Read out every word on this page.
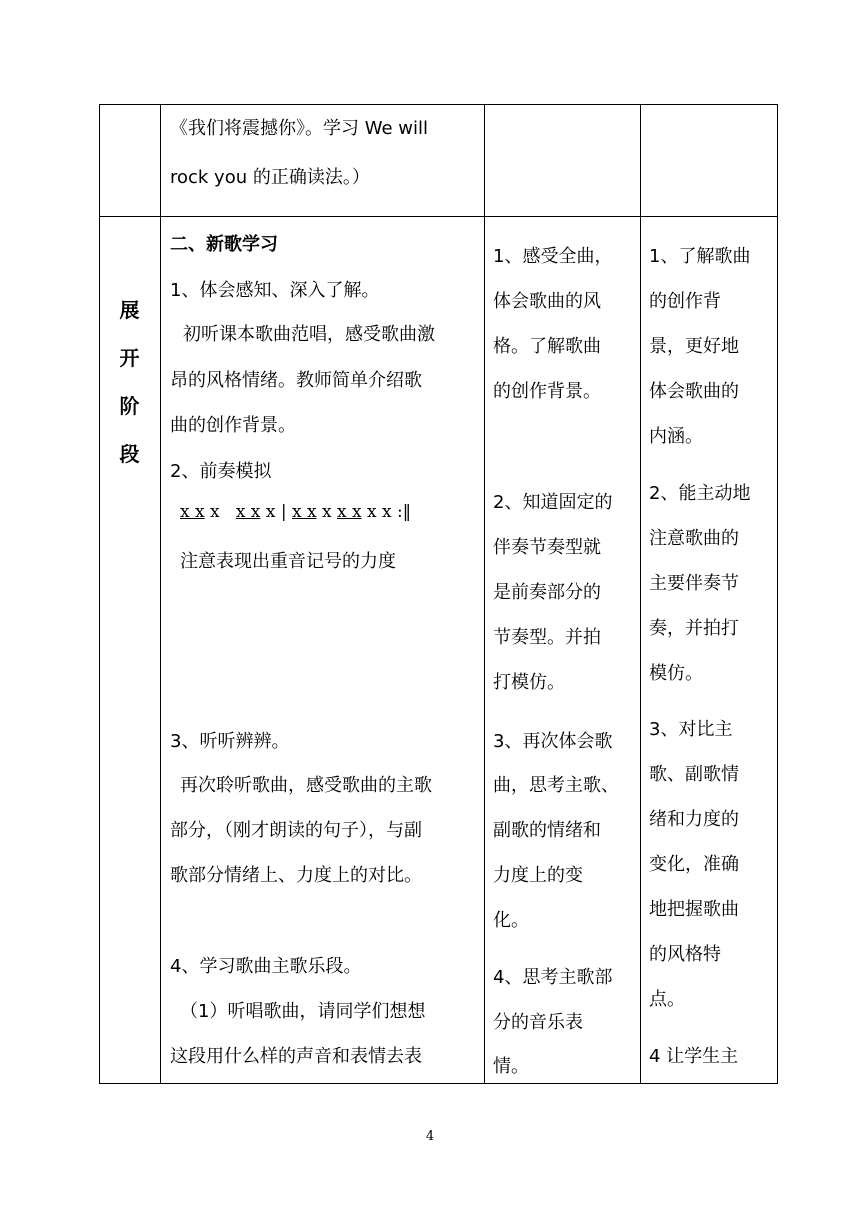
《我们将震撼你》。学习 We will
rock you 的正确读法。）
展
开
阶
段
二、新歌学习
1、体会感知、深入了解。
初听课本歌曲范唱，感受歌曲激
昂的风格情绪。教师简单介绍歌
曲的创作背景。
2、前奏模拟
x x x x x x | x x x x x x x :‖
注意表现出重音记号的力度
3、听听辨辨。
再次聆听歌曲，感受歌曲的主歌
部分，（刚才朗读的句子），与副
歌部分情绪上、力度上的对比。
4、学习歌曲主歌乐段。
（1）听唱歌曲，请同学们想想
这段用什么样的声音和表情去表
1、感受全曲，
体会歌曲的风
格。了解歌曲
的创作背景。
2、知道固定的
伴奏节奏型就
是前奏部分的
节奏型。并拍
打模仿。
3、再次体会歌
曲，思考主歌、
副歌的情绪和
力度上的变
化。
4、思考主歌部
分的音乐表
情。
1、了解歌曲
的创作背
景，更好地
体会歌曲的
内涵。
2、能主动地
注意歌曲的
主要伴奏节
奏，并拍打
模仿。
3、对比主
歌、副歌情
绪和力度的
变化，准确
地把握歌曲
的风格特
点。
4 让学生主
4
